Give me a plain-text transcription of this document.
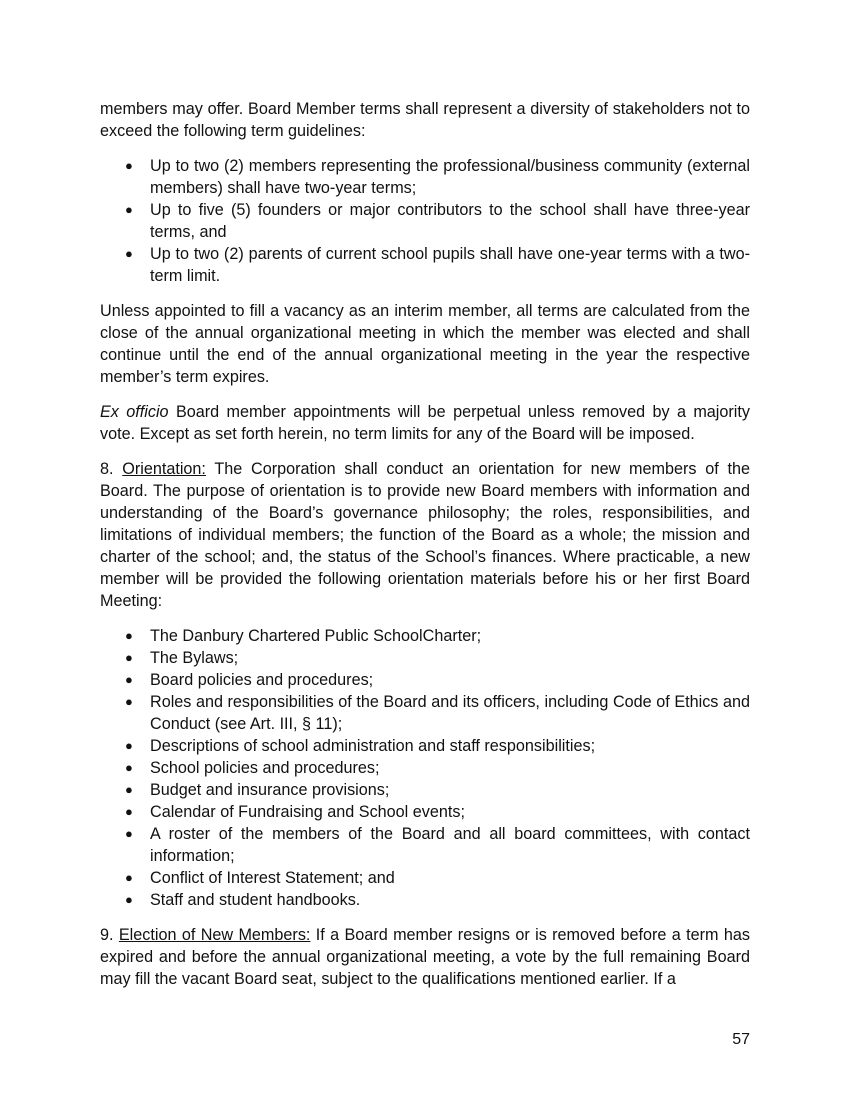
members may offer. Board Member terms shall represent a diversity of stakeholders not to exceed the following term guidelines:

● Up to two (2) members representing the professional/business community (external members) shall have two-year terms;
● Up to five (5) founders or major contributors to the school shall have three-year terms, and
● Up to two (2) parents of current school pupils shall have one-year terms with a two-term limit.

Unless appointed to fill a vacancy as an interim member, all terms are calculated from the close of the annual organizational meeting in which the member was elected and shall continue until the end of the annual organizational meeting in the year the respective member’s term expires.

Ex officio Board member appointments will be perpetual unless removed by a majority vote. Except as set forth herein, no term limits for any of the Board will be imposed.

8. Orientation: The Corporation shall conduct an orientation for new members of the Board. The purpose of orientation is to provide new Board members with information and understanding of the Board’s governance philosophy; the roles, responsibilities, and limitations of individual members; the function of the Board as a whole; the mission and charter of the school; and, the status of the School’s finances. Where practicable, a new member will be provided the following orientation materials before his or her first Board Meeting:

● The Danbury Chartered Public SchoolCharter;
● The Bylaws;
● Board policies and procedures;
● Roles and responsibilities of the Board and its officers, including Code of Ethics and Conduct (see Art. III, § 11);
● Descriptions of school administration and staff responsibilities;
● School policies and procedures;
● Budget and insurance provisions;
● Calendar of Fundraising and School events;
● A roster of the members of the Board and all board committees, with contact information;
● Conflict of Interest Statement; and
● Staff and student handbooks.

9. Election of New Members: If a Board member resigns or is removed before a term has expired and before the annual organizational meeting, a vote by the full remaining Board may fill the vacant Board seat, subject to the qualifications mentioned earlier. If a

57
